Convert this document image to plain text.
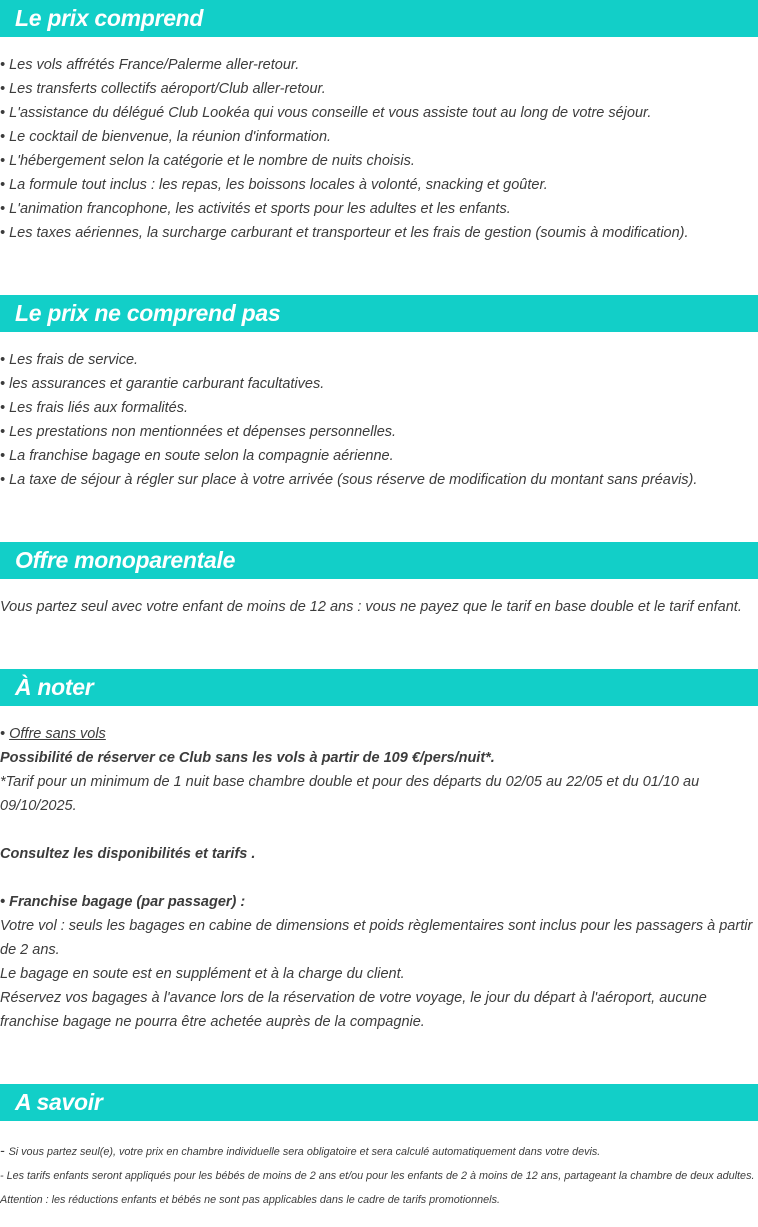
Le prix comprend
• Les vols affrétés France/Palerme aller-retour.
• Les transferts collectifs aéroport/Club aller-retour.
• L'assistance du délégué Club Lookéa qui vous conseille et vous assiste tout au long de votre séjour.
• Le cocktail de bienvenue, la réunion d'information.
• L'hébergement selon la catégorie et le nombre de nuits choisis.
• La formule tout inclus : les repas, les boissons locales à volonté, snacking et goûter.
• L'animation francophone, les activités et sports pour les adultes et les enfants.
• Les taxes aériennes, la surcharge carburant et transporteur et les frais de gestion (soumis à modification).
Le prix ne comprend pas
• Les frais de service.
• les assurances et garantie carburant facultatives.
• Les frais liés aux formalités.
• Les prestations non mentionnées et dépenses personnelles.
• La franchise bagage en soute selon la compagnie aérienne.
• La taxe de séjour à régler sur place à votre arrivée (sous réserve de modification du montant sans préavis).
Offre monoparentale
Vous partez seul avec votre enfant de moins de 12 ans : vous ne payez que le tarif en base double et le tarif enfant.
À noter
• Offre sans vols
Possibilité de réserver ce Club sans les vols à partir de 109 €/pers/nuit*.
*Tarif pour un minimum de 1 nuit base chambre double et pour des départs du 02/05 au 22/05 et du 01/10 au 09/10/2025.
Consultez les disponibilités et tarifs .
• Franchise bagage (par passager) :
Votre vol : seuls les bagages en cabine de dimensions et poids règlementaires sont inclus pour les passagers à partir de 2 ans.
Le bagage en soute est en supplément et à la charge du client.
Réservez vos bagages à l'avance lors de la réservation de votre voyage, le jour du départ à l'aéroport, aucune franchise bagage ne pourra être achetée auprès de la compagnie.
A savoir
- Si vous partez seul(e), votre prix en chambre individuelle sera obligatoire et sera calculé automatiquement dans votre devis.
- Les tarifs enfants seront appliqués pour les bébés de moins de 2 ans et/ou pour les enfants de 2 à moins de 12 ans, partageant la chambre de deux adultes.
Attention : les réductions enfants et bébés ne sont pas applicables dans le cadre de tarifs promotionnels.
